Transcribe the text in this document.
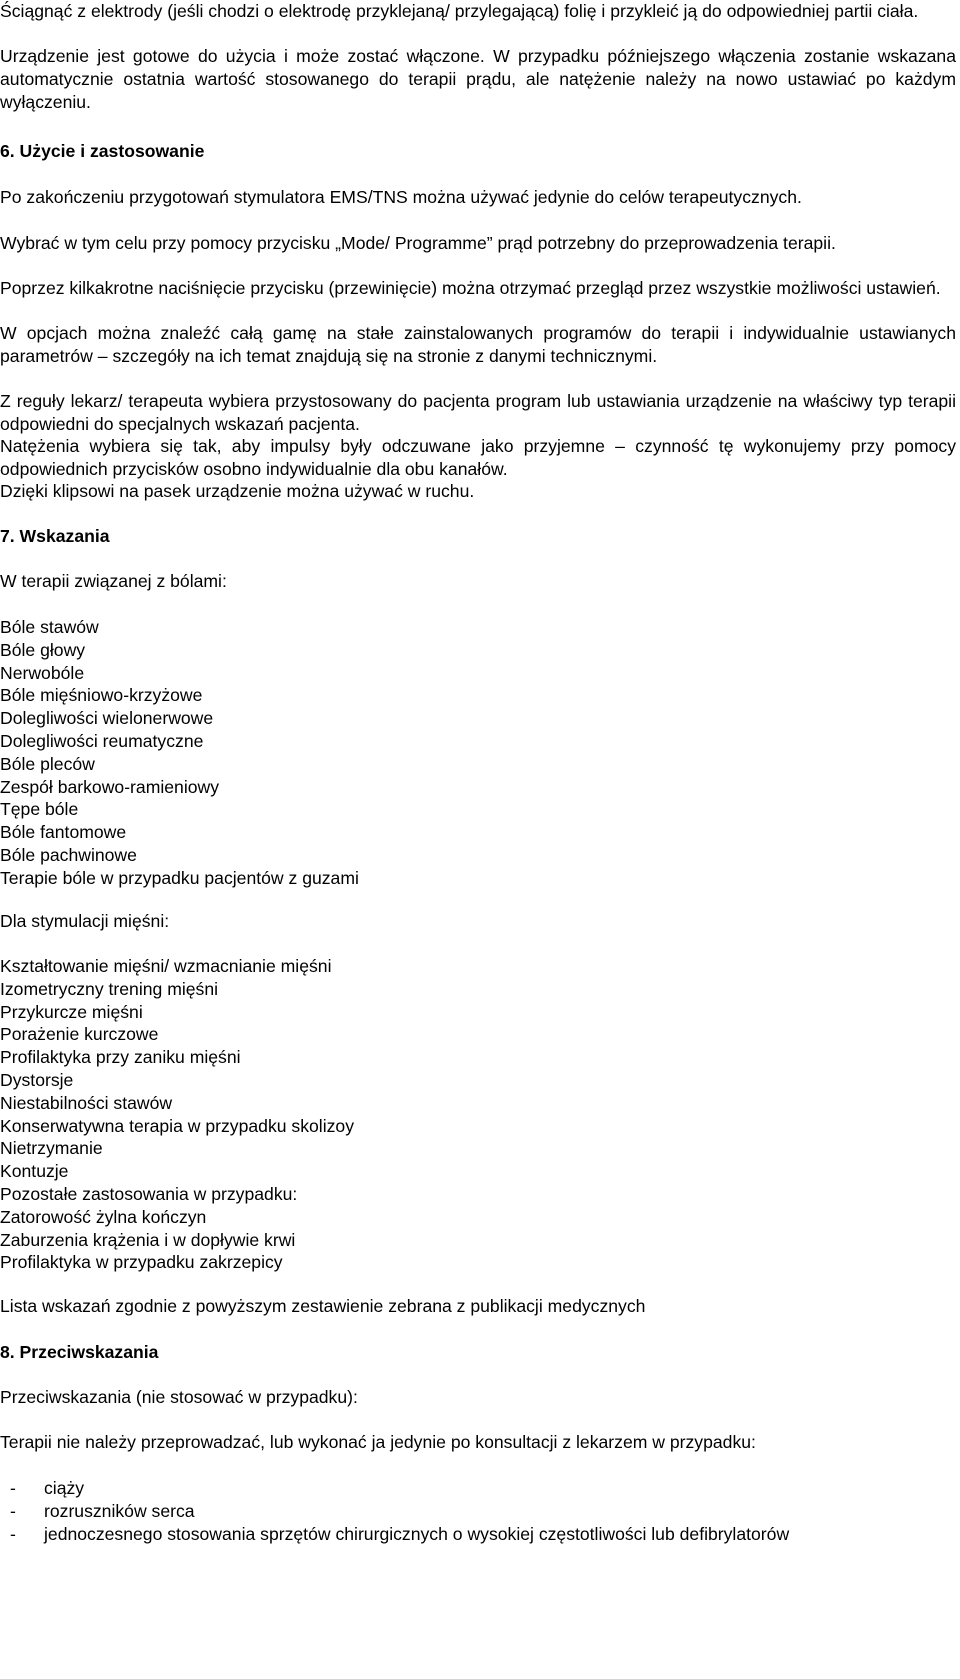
Ściągnąć z elektrody (jeśli chodzi o elektrodę przyklejaną/ przylegającą) folię i przykleić ją do odpowiedniej partii ciała.

Urządzenie jest gotowe do użycia i może zostać włączone. W przypadku późniejszego włączenia zostanie wskazana automatycznie ostatnia wartość stosowanego do terapii prądu, ale natężenie należy na nowo ustawiać po każdym wyłączeniu.

6. Użycie i zastosowanie

Po zakończeniu przygotowań stymulatora EMS/TNS można używać jedynie do celów terapeutycznych.

Wybrać w tym celu przy pomocy przycisku „Mode/ Programme” prąd potrzebny do przeprowadzenia terapii.

Poprzez kilkakrotne naciśnięcie przycisku (przewinięcie) można otrzymać przegląd przez wszystkie możliwości ustawień.

W opcjach można znaleźć całą gamę na stałe zainstalowanych programów do terapii i indywidualnie ustawianych parametrów – szczegóły na ich temat znajdują się na stronie z danymi technicznymi.

Z reguły lekarz/ terapeuta wybiera przystosowany do pacjenta program lub ustawiania urządzenie na właściwy typ terapii odpowiedni do specjalnych wskazań pacjenta.

Natężenia wybiera się tak, aby impulsy były odczuwane jako przyjemne – czynność tę wykonujemy przy pomocy odpowiednich przycisków osobno indywidualnie dla obu kanałów.

Dzięki klipsowi na pasek urządzenie można używać w ruchu.

7. Wskazania

W terapii związanej z bólami:

Bóle stawów
Bóle głowy
Nerwobóle
Bóle mięśniowo-krzyżowe
Dolegliwości wielonerwowe
Dolegliwości reumatyczne
Bóle pleców
Zespół barkowo-ramieniowy
Tępe bóle
Bóle fantomowe
Bóle pachwinowe
Terapie bóle w przypadku pacjentów z guzami

Dla stymulacji mięśni:

Kształtowanie mięśni/ wzmacnianie mięśni
Izometryczny trening mięśni
Przykurcze mięśni
Porażenie kurczowe
Profilaktyka przy zaniku mięśni
Dystorsje
Niestabilności stawów
Konserwatywna terapia w przypadku skolizoy
Nietrzymanie
Kontuzje
Pozostałe zastosowania w przypadku:
Zatorowość żylna kończyn
Zaburzenia krążenia i w dopływie krwi
Profilaktyka w przypadku zakrzepicy

Lista wskazań zgodnie z powyższym zestawienie zebrana z publikacji medycznych

8. Przeciwskazania

Przeciwskazania (nie stosować w przypadku):

Terapii nie należy przeprowadzać, lub wykonać ja jedynie po konsultacji z lekarzem w przypadku:

- ciąży
- rozruszników serca
- jednoczesnego stosowania sprzętów chirurgicznych o wysokiej częstotliwości lub defibrylatorów
